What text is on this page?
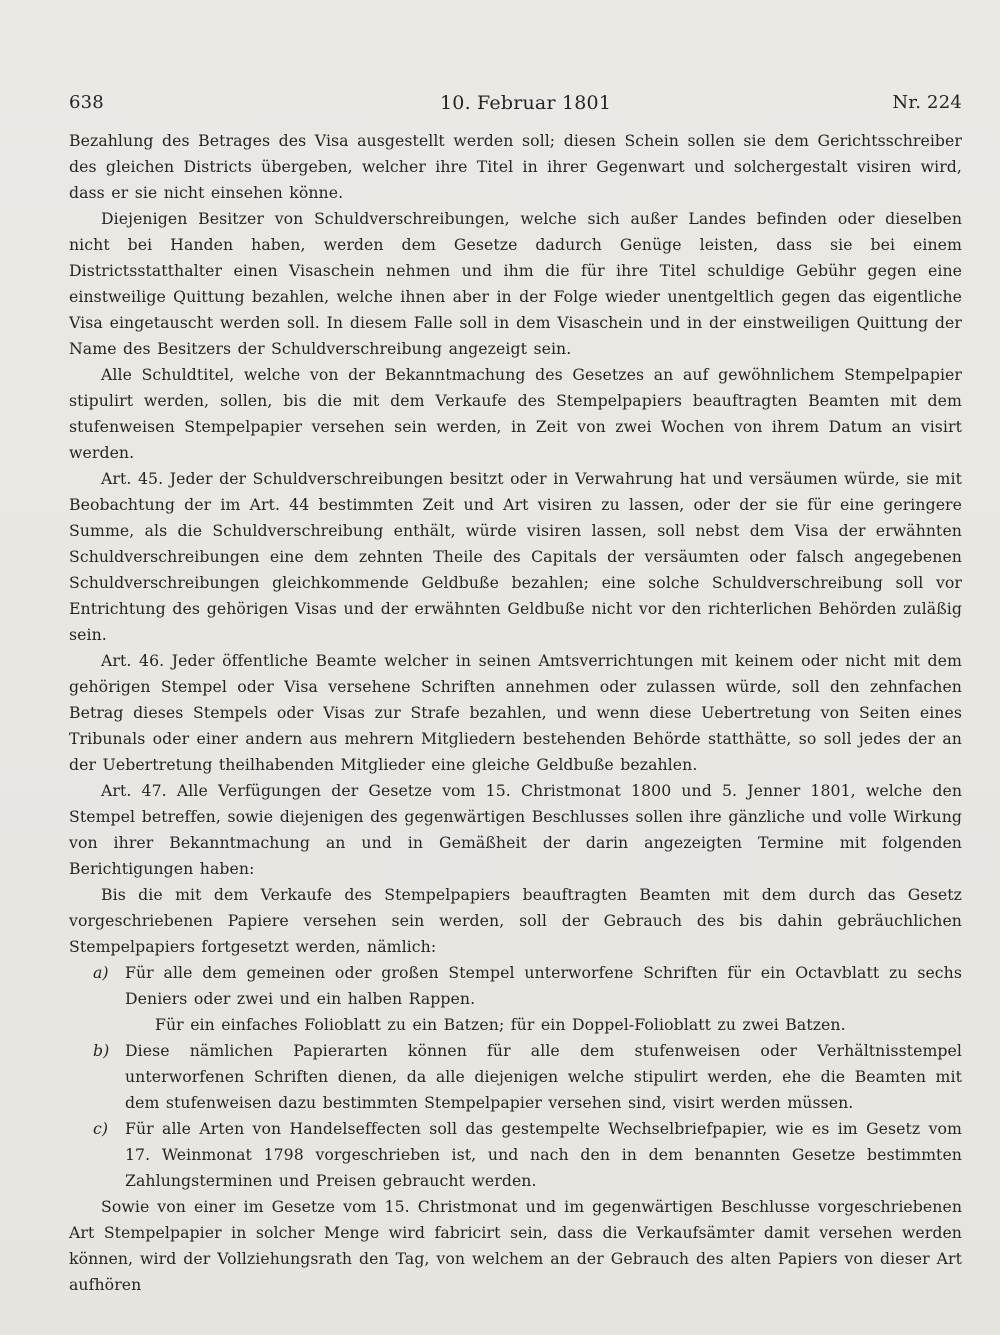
638	10. Februar 1801	Nr. 224

Bezahlung des Betrages des Visa ausgestellt werden soll; diesen Schein sollen sie dem Gerichtsschreiber des gleichen Districts übergeben, welcher ihre Titel in ihrer Gegenwart und solchergestalt visiren wird, dass er sie nicht einsehen könne.

Diejenigen Besitzer von Schuldverschreibungen, welche sich außer Landes befinden oder dieselben nicht bei Handen haben, werden dem Gesetze dadurch Genüge leisten, dass sie bei einem Districtsstatthalter einen Visaschein nehmen und ihm die für ihre Titel schuldige Gebühr gegen eine einstweilige Quittung bezahlen, welche ihnen aber in der Folge wieder unentgeltlich gegen das eigentliche Visa eingetauscht werden soll. In diesem Falle soll in dem Visaschein und in der einstweiligen Quittung der Name des Besitzers der Schuldverschreibung angezeigt sein.

Alle Schuldtitel, welche von der Bekanntmachung des Gesetzes an auf gewöhnlichem Stempelpapier stipulirt werden, sollen, bis die mit dem Verkaufe des Stempelpapiers beauftragten Beamten mit dem stufenweisen Stempelpapier versehen sein werden, in Zeit von zwei Wochen von ihrem Datum an visirt werden.

Art. 45. Jeder der Schuldverschreibungen besitzt oder in Verwahrung hat und versäumen würde, sie mit Beobachtung der im Art. 44 bestimmten Zeit und Art visiren zu lassen, oder der sie für eine geringere Summe, als die Schuldverschreibung enthält, würde visiren lassen, soll nebst dem Visa der erwähnten Schuldverschreibungen eine dem zehnten Theile des Capitals der versäumten oder falsch angegebenen Schuldverschreibungen gleichkommende Geldbuße bezahlen; eine solche Schuldverschreibung soll vor Entrichtung des gehörigen Visas und der erwähnten Geldbuße nicht vor den richterlichen Behörden zuläßig sein.

Art. 46. Jeder öffentliche Beamte welcher in seinen Amtsverrichtungen mit keinem oder nicht mit dem gehörigen Stempel oder Visa versehene Schriften annehmen oder zulassen würde, soll den zehnfachen Betrag dieses Stempels oder Visas zur Strafe bezahlen, und wenn diese Uebertretung von Seiten eines Tribunals oder einer andern aus mehrern Mitgliedern bestehenden Behörde statthätte, so soll jedes der an der Uebertretung theilhabenden Mitglieder eine gleiche Geldbuße bezahlen.

Art. 47. Alle Verfügungen der Gesetze vom 15. Christmonat 1800 und 5. Jenner 1801, welche den Stempel betreffen, sowie diejenigen des gegenwärtigen Beschlusses sollen ihre gänzliche und volle Wirkung von ihrer Bekanntmachung an und in Gemäßheit der darin angezeigten Termine mit folgenden Berichtigungen haben:

Bis die mit dem Verkaufe des Stempelpapiers beauftragten Beamten mit dem durch das Gesetz vorgeschriebenen Papiere versehen sein werden, soll der Gebrauch des bis dahin gebräuchlichen Stempelpapiers fortgesetzt werden, nämlich:

a)	Für alle dem gemeinen oder großen Stempel unterworfene Schriften für ein Octavblatt zu sechs Deniers oder zwei und ein halben Rappen.

Für ein einfaches Folioblatt zu ein Batzen; für ein Doppel-Folioblatt zu zwei Batzen.

b) Diese nämlichen Papierarten können für alle dem stufenweisen oder Verhältnisstempel unterworfenen Schriften dienen, da alle diejenigen welche stipulirt werden, ehe die Beamten mit dem stufenweisen dazu bestimmten Stempelpapier versehen sind, visirt werden müssen.
c)	Für alle Arten von Handelseffecten soll das gestempelte Wechselbriefpapier, wie es im Gesetz vom 17. Weinmonat 1798 vorgeschrieben ist, und nach den in dem benannten Gesetze bestimmten Zahlungsterminen und Preisen gebraucht werden.

Sowie von einer im Gesetze vom 15. Christmonat und im gegenwärtigen Beschlusse vorgeschriebenen Art Stempelpapier in solcher Menge wird fabricirt sein, dass die Verkaufsämter damit versehen werden können, wird der Vollziehungsrath den Tag, von welchem an der Gebrauch des alten Papiers von dieser Art aufhören
